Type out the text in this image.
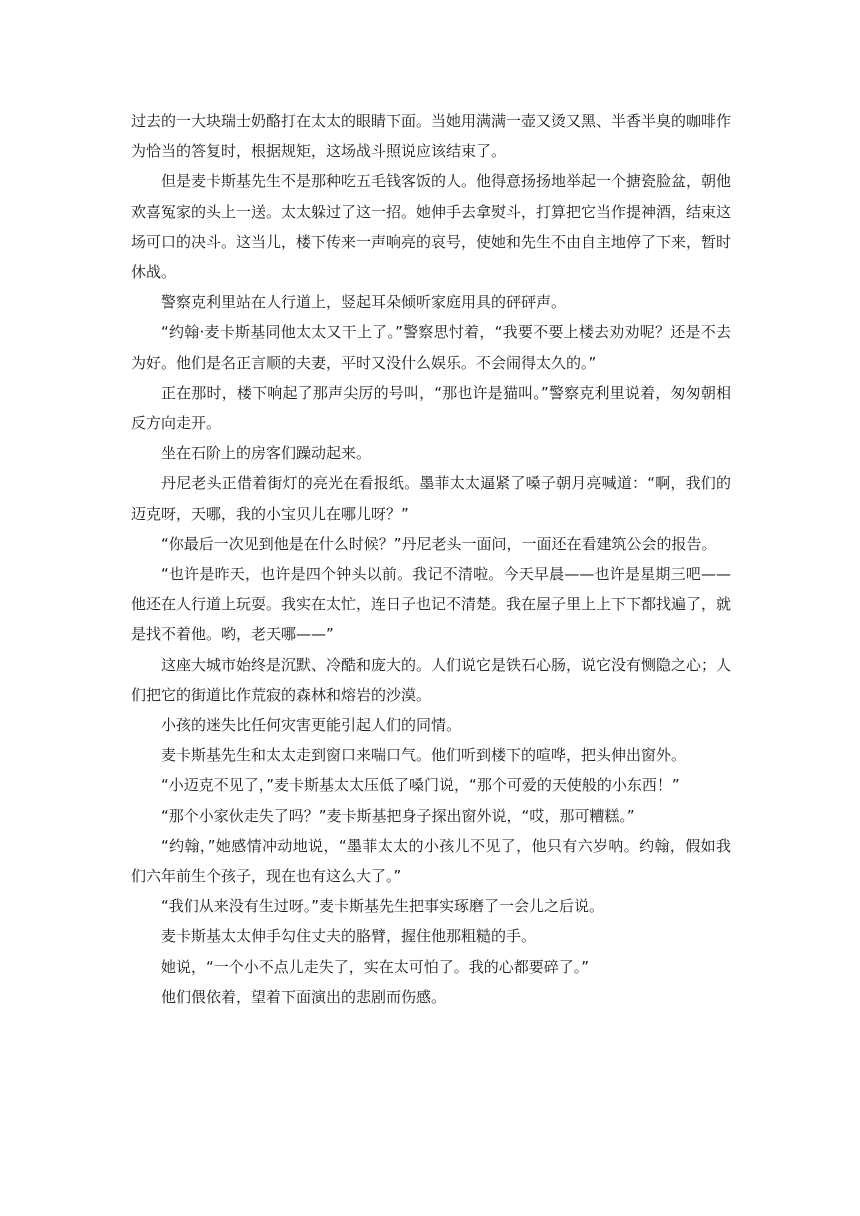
过去的一大块瑞士奶酪打在太太的眼睛下面。当她用满满一壶又烫又黑、半香半臭的咖啡作为恰当的答复时，根据规矩，这场战斗照说应该结束了。

但是麦卡斯基先生不是那种吃五毛钱客饭的人。他得意扬扬地举起一个搪瓷脸盆，朝他欢喜冤家的头上一送。太太躲过了这一招。她伸手去拿熨斗，打算把它当作提神酒，结束这场可口的决斗。这当儿，楼下传来一声响亮的哀号，使她和先生不由自主地停了下来，暂时休战。

警察克利里站在人行道上，竖起耳朵倾听家庭用具的砰砰声。

“约翰·麦卡斯基同他太太又干上了。”警察思忖着，“我要不要上楼去劝劝呢？还是不去为好。他们是名正言顺的夫妻，平时又没什么娱乐。不会闹得太久的。”

正在那时，楼下响起了那声尖厉的号叫，“那也许是猫叫。”警察克利里说着，匆匆朝相反方向走开。

坐在石阶上的房客们躁动起来。

丹尼老头正借着街灯的亮光在看报纸。墨菲太太逼紧了嗓子朝月亮喊道：“啊，我们的迈克呀，天哪，我的小宝贝儿在哪儿呀？”

“你最后一次见到他是在什么时候？”丹尼老头一面问，一面还在看建筑公会的报告。

“也许是昨天，也许是四个钟头以前。我记不清啦。今天早晨——也许是星期三吧——他还在人行道上玩耍。我实在太忙，连日子也记不清楚。我在屋子里上上下下都找遍了，就是找不着他。哟，老天哪——”

这座大城市始终是沉默、冷酷和庞大的。人们说它是铁石心肠，说它没有恻隐之心；人们把它的街道比作荒寂的森林和熔岩的沙漠。

小孩的迷失比任何灾害更能引起人们的同情。

麦卡斯基先生和太太走到窗口来喘口气。他们听到楼下的喧哗，把头伸出窗外。

“小迈克不见了，”麦卡斯基太太压低了嗓门说，“那个可爱的天使般的小东西！”

“那个小家伙走失了吗？”麦卡斯基把身子探出窗外说，“哎，那可糟糕。”

“约翰，”她感情冲动地说，“墨菲太太的小孩儿不见了，他只有六岁呐。约翰，假如我们六年前生个孩子，现在也有这么大了。”

“我们从来没有生过呀。”麦卡斯基先生把事实琢磨了一会儿之后说。

麦卡斯基太太伸手勾住丈夫的胳臂，握住他那粗糙的手。

她说，“一个小不点儿走失了，实在太可怕了。我的心都要碎了。”

他们偎依着，望着下面演出的悲剧而伤感。
